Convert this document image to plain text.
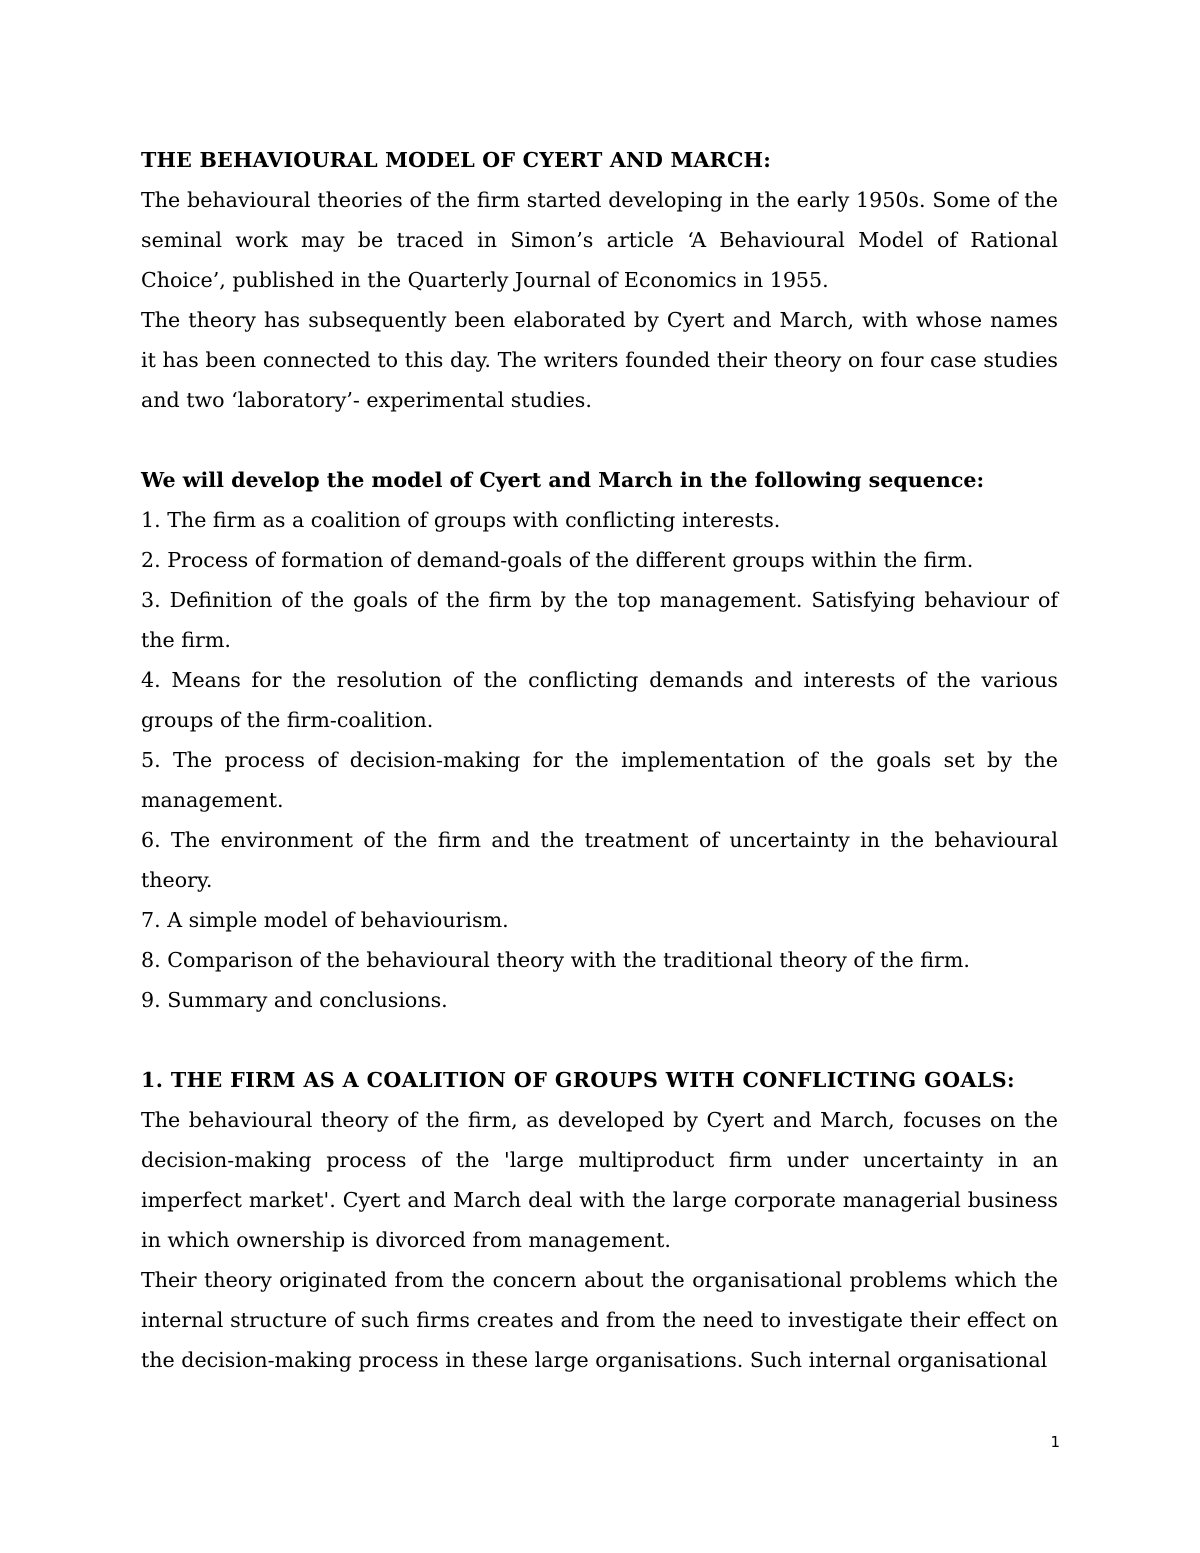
THE BEHAVIOURAL MODEL OF CYERT AND MARCH:

The behavioural theories of the firm started developing in the early 1950s. Some of the seminal work may be traced in Simon’s article ‘A Behavioural Model of Rational Choice’, published in the Quarterly Journal of Economics in 1955.

The theory has subsequently been elaborated by Cyert and March, with whose names it has been connected to this day. The writers founded their theory on four case studies and two ‘laboratory’- experimental studies.

We will develop the model of Cyert and March in the following sequence:

1. The firm as a coalition of groups with conflicting interests.

2. Process of formation of demand-goals of the different groups within the firm.

3. Definition of the goals of the firm by the top management. Satisfying behaviour of the firm.

4. Means for the resolution of the conflicting demands and interests of the various groups of the firm-coalition.

5. The process of decision-making for the implementation of the goals set by the management.

6. The environment of the firm and the treatment of uncertainty in the behavioural theory.

7. A simple model of behaviourism.

8. Comparison of the behavioural theory with the traditional theory of the firm.

9. Summary and conclusions.

1. THE FIRM AS A COALITION OF GROUPS WITH CONFLICTING GOALS:

The behavioural theory of the firm, as developed by Cyert and March, focuses on the decision-making process of the 'large multiproduct firm under uncertainty in an imperfect market'. Cyert and March deal with the large corporate managerial business in which ownership is divorced from management.

Their theory originated from the concern about the organisational problems which the internal structure of such firms creates and from the need to investigate their effect on the decision-making process in these large organisations. Such internal organisational

1
